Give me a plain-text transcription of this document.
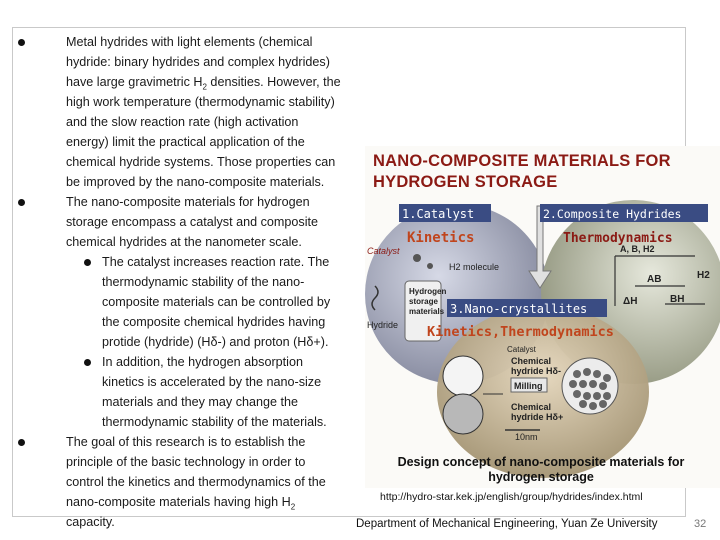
Metal hydrides with light elements (chemical
hydride: binary hydrides and complex hydrides)
have large gravimetric $H_2$ densities. However, the
high work temperature (thermodynamic stability)
and the slow reaction rate (high activation
energy) limit the practical application of the
chemical hydride systems. Those properties can
be improved by the nano-composite materials.
The nano-composite materials for hydrogen
storage encompass a catalyst and composite
chemical hydrides at the nanometer scale.
The catalyst increases reaction rate. The
thermodynamic stability of the nano-
composite materials can be controlled by
the composite chemical hydrides having
protide (hydride) (Hδ-) and proton (Hδ+).
In addition, the hydrogen absorption
kinetics is accelerated by the nano-size
materials and they may change the
thermodynamic stability of the materials.
The goal of this research is to establish the
principle of the basic technology in order to
control the kinetics and thermodynamics of the
nano-composite materials having high $H_2$
capacity.
NANO-COMPOSITE MATERIALS FOR
HYDROGEN STORAGE
1.Catalyst
Kinetics
2.Composite Hydrides
Thermodynamics
3.Nano-crystallites
Kinetics,Thermodynamics
Catalyst
H2 molecule
Hydrogen
storage
materials
Hydride
A, B, H2
AB	H2
ΔH	BH
Catalyst
Chemical
hydride Hδ-
Milling
Chemical
hydride Hδ+
10nm
Design concept of nano-composite materials for
hydrogen storage
http://hydro-star.kek.jp/english/group/hydrides/index.html
Department of Mechanical Engineering, Yuan Ze University	32
